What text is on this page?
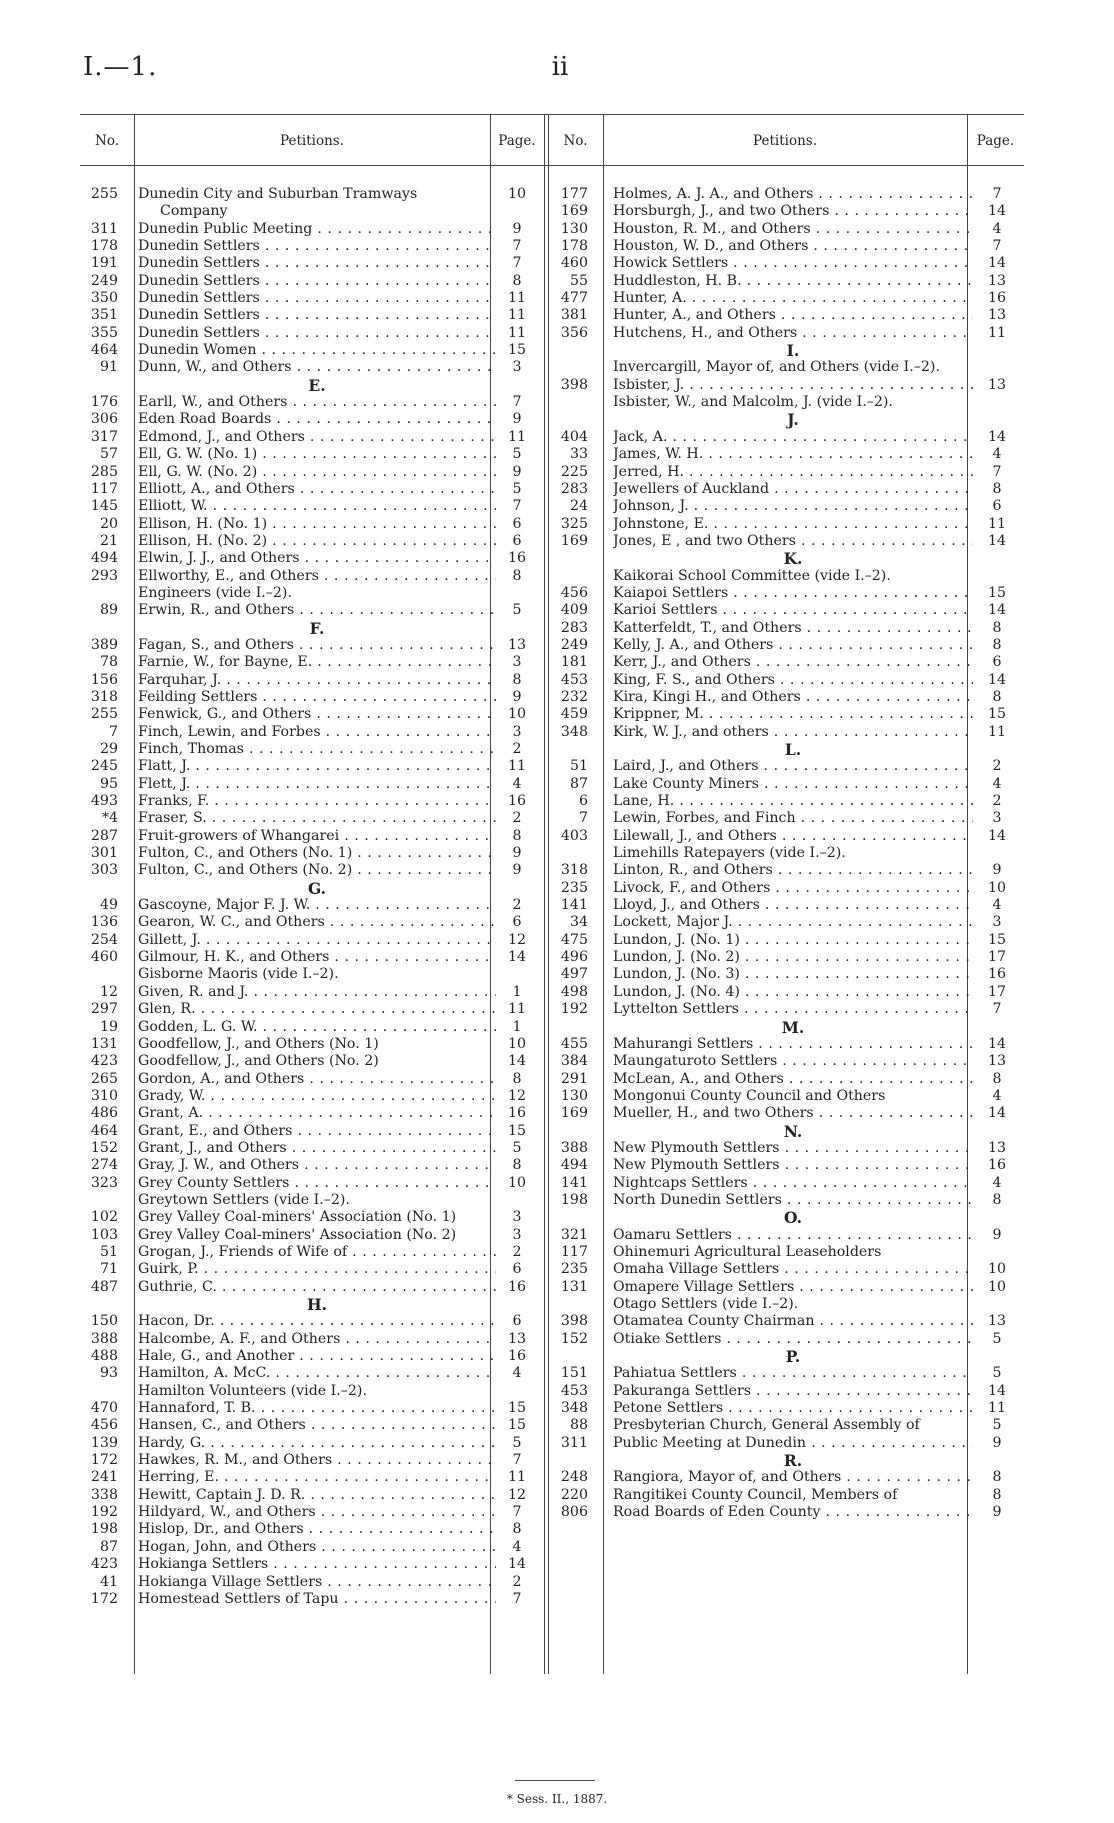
I.—1.	ii
No.	Petitions.	Page.	No.	Petitions.	Page.
255 Dunedin City and Suburban Tramways	10
Company
311 Dunedin Public Meeting . .	9
178 Dunedin Settlers . .	7
191 Dunedin Settlers . .	7
249 Dunedin Settlers . .	8
350 Dunedin Settlers . .	11
351 Dunedin Settlers . .	11
355 Dunedin Settlers . .	11
464 Dunedin Women . .	15
91 Dunn, W., and Others . .	3
E.
176 Earll, W., and Others . .	7
306 Eden Road Boards . .	9
317 Edmond, J., and Others . .	11
57 Ell, G. W. (No. 1) . .	5
285 Ell, G. W. (No. 2) . .	9
117 Elliott, A., and Others . .	5
145 Elliott, W. . .	7
20 Ellison, H. (No. 1) . .	6
21 Ellison, H. (No. 2) . .	6
494 Elwin, J. J., and Others . .	16
293 Ellworthy, E., and Others . .	8
Engineers (vide I.–2).
89 Erwin, R., and Others . .	5
F.
389 Fagan, S., and Others . .	13
78 Farnie, W., for Bayne, E. . .	3
156 Farquhar, J. . .	8
318 Feilding Settlers . .	9
255 Fenwick, G., and Others . .	10
7 Finch, Lewin, and Forbes . .	3
29 Finch, Thomas . .	2
245 Flatt, J. . .	11
95 Flett, J. . .	4
493 Franks, F. . .	16
*4 Fraser, S. . .	2
287 Fruit-growers of Whangarei . .	8
301 Fulton, C., and Others (No. 1) . .	9
303 Fulton, C., and Others (No. 2) . .	9
G.
49 Gascoyne, Major F. J. W. . .	2
136 Gearon, W. C., and Others . .	6
254 Gillett, J. . .	12
460 Gilmour, H. K., and Others . .	14
Gisborne Maoris (vide I.–2).
12 Given, R. and J. . .	1
297 Glen, R. . .	11
19 Godden, L. G. W. . .	1
131 Goodfellow, J., and Others (No. 1)	10
423 Goodfellow, J., and Others (No. 2)	14
265 Gordon, A., and Others . .	8
310 Grady, W. . .	12
486 Grant, A. . .	16
464 Grant, E., and Others . .	15
152 Grant, J., and Others . .	5
274 Gray, J. W., and Others . .	8
323 Grey County Settlers . .	10
Greytown Settlers (vide I.–2).
102 Grey Valley Coal-miners' Association (No. 1)	3
103 Grey Valley Coal-miners' Association (No. 2)	3
51 Grogan, J., Friends of Wife of . .	2
71 Guirk, P. . .	6
487 Guthrie, C. . .	16
H.
150 Hacon, Dr. . .	6
388 Halcombe, A. F., and Others . .	13
488 Hale, G., and Another . .	16
93 Hamilton, A. McC. . .	4
Hamilton Volunteers (vide I.–2).
470 Hannaford, T. B. . .	15
456 Hansen, C., and Others . .	15
139 Hardy, G. . .	5
172 Hawkes, R. M., and Others . .	7
241 Herring, E. . .	11
338 Hewitt, Captain J. D. R. . .	12
192 Hildyard, W., and Others . .	7
198 Hislop, Dr., and Others . .	8
87 Hogan, John, and Others . .	4
423 Hokianga Settlers . .	14
41 Hokianga Village Settlers . .	2
172 Homestead Settlers of Tapu . .	7
177 Holmes, A. J. A., and Others . .	7
169 Horsburgh, J., and two Others . .	14
130 Houston, R. M., and Others . .	4
178 Houston, W. D., and Others . .	7
460 Howick Settlers . .	14
55 Huddleston, H. B. . .	13
477 Hunter, A. . .	16
381 Hunter, A., and Others . .	13
356 Hutchens, H., and Others . .	11
I.
Invercargill, Mayor of, and Others (vide I.–2).
398 Isbister, J. . .	13
Isbister, W., and Malcolm, J. (vide I.–2).
J.
404 Jack, A. . .	14
33 James, W. H. . .	4
225 Jerred, H. . .	7
283 Jewellers of Auckland . .	8
24 Johnson, J. . .	6
325 Johnstone, E. . .	11
169 Jones, E , and two Others . .	14
K.
Kaikorai School Committee (vide I.–2).
456 Kaiapoi Settlers . .	15
409 Karioi Settlers . .	14
283 Katterfeldt, T., and Others . .	8
249 Kelly, J. A., and Others . .	8
181 Kerr, J., and Others . .	6
453 King, F. S., and Others . .	14
232 Kira, Kingi H., and Others . .	8
459 Krippner, M. . .	15
348 Kirk, W. J., and others . .	11
L.
51 Laird, J., and Others . .	2
87 Lake County Miners . .	4
6 Lane, H. . .	2
7 Lewin, Forbes, and Finch . .	3
403 Lilewall, J., and Others . .	14
Limehills Ratepayers (vide I.–2).
318 Linton, R., and Others . .	9
235 Livock, F., and Others . .	10
141 Lloyd, J., and Others . .	4
34 Lockett, Major J. . .	3
475 Lundon, J. (No. 1) . .	15
496 Lundon, J. (No. 2) . .	17
497 Lundon, J. (No. 3) . .	16
498 Lundon, J. (No. 4) . .	17
192 Lyttelton Settlers . .	7
M.
455 Mahurangi Settlers . .	14
384 Maungaturoto Settlers . .	13
291 McLean, A., and Others . .	8
130 Mongonui County Council and Others	4
169 Mueller, H., and two Others . .	14
N.
388 New Plymouth Settlers . .	13
494 New Plymouth Settlers . .	16
141 Nightcaps Settlers . .	4
198 North Dunedin Settlers . .	8
O.
321 Oamaru Settlers . .	9
117 Ohinemuri Agricultural Leaseholders
235 Omaha Village Settlers . .	10
131 Omapere Village Settlers . .	10
Otago Settlers (vide I.–2).
398 Otamatea County Chairman . .	13
152 Otiake Settlers . .	5
P.
151 Pahiatua Settlers . .	5
453 Pakuranga Settlers . .	14
348 Petone Settlers . .	11
88 Presbyterian Church, General Assembly of	5
311 Public Meeting at Dunedin . .	9
R.
248 Rangiora, Mayor of, and Others . .	8
220 Rangitikei County Council, Members of	8
806 Road Boards of Eden County . .	9
* Sess. II., 1887.
